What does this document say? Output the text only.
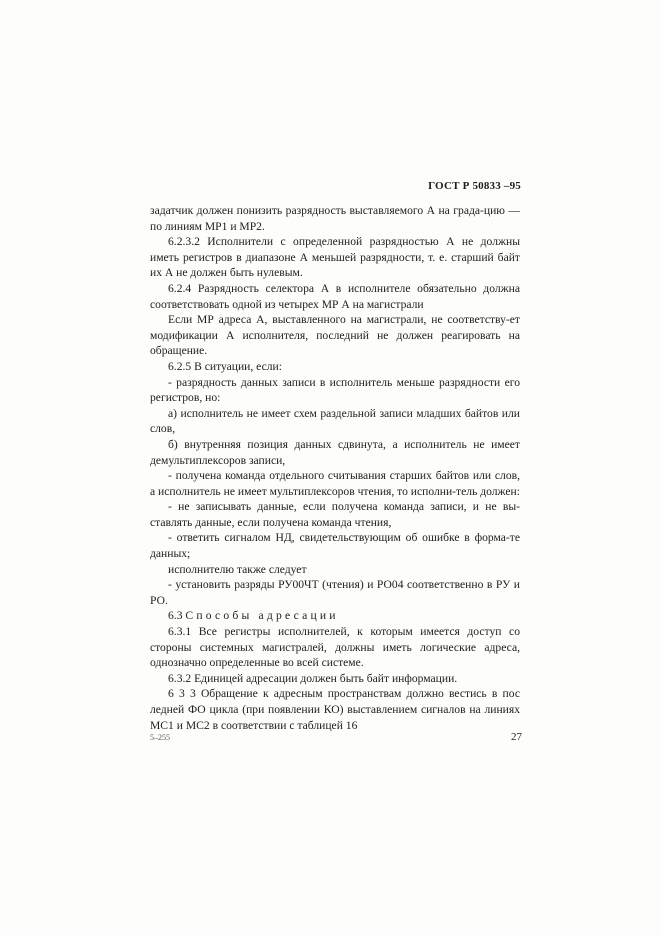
ГОСТ Р 50833 –95

задатчик должен понизить разрядность выставляемого А на града-цию — по линиям МР1 и МР2.

6.2.3.2 Исполнители с определенной разрядностью А не должны иметь регистров в диапазоне А меньшей разрядности, т. е. старший байт их А не должен быть нулевым.

6.2.4 Разрядность селектора А в исполнителе обязательно должна соответствовать одной из четырех МР А на магистрали

Если МР адреса А, выставленного на магистрали, не соответству-ет модификации А исполнителя, последний не должен реагировать на обращение.

6.2.5 В ситуации, если:

- разрядность данных записи в исполнитель меньше разрядности его регистров, но:

а) исполнитель не имеет схем раздельной записи младших байтов или слов,

б) внутренняя позиция данных сдвинута, а исполнитель не имеет демультиплексоров записи,

- получена команда отдельного считывания старших байтов или слов, а исполнитель не имеет мультиплексоров чтения, то исполни-тель должен:

- не записывать данные, если получена команда записи, и не вы-ставлять данные, если получена команда чтения,

- ответить сигналом НД, свидетельствующим об ошибке в форма-те данных;

исполнителю также следует

- установить разряды РУ00ЧТ (чтения) и РО04 соответственно в РУ и РО.

6.3 Способы адресации

6.3.1 Все регистры исполнителей, к которым имеется доступ со стороны системных магистралей, должны иметь логические адреса, однозначно определенные во всей системе.

6.3.2 Единицей адресации должен быть байт информации.

6 3 3 Обращение к адресным пространствам должно вестись в пос ледней ФО цикла (при появлении КО) выставлением сигналов на линиях МС1 и МС2 в соответствии с таблицей 16

5–255	27
